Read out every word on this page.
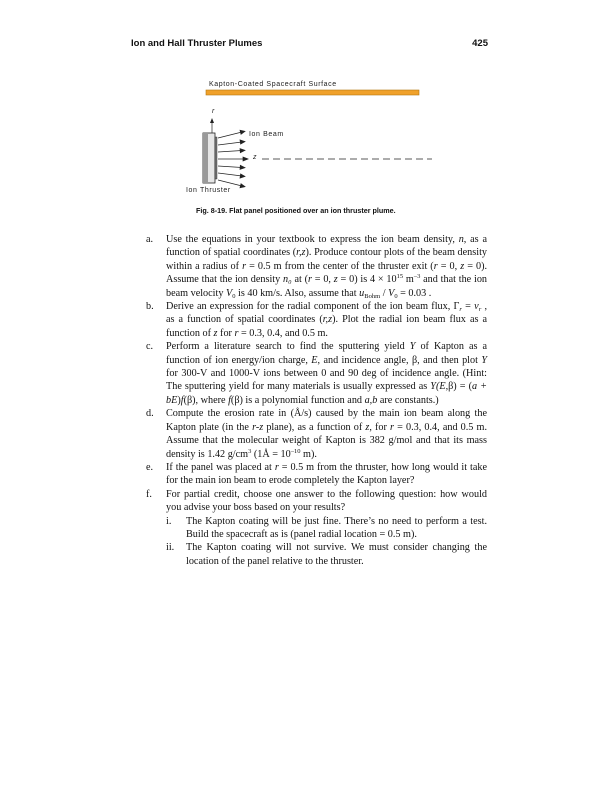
Ion and Hall Thruster Plumes	425
Kapton-Coated Spacecraft Surface
r
Ion Beam
z
Ion Thruster
Fig. 8-19. Flat panel positioned over an ion thruster plume.
a. Use the equations in your textbook to express the ion beam density, n, as a function of spatial coordinates (r,z). Produce contour plots of the beam density within a radius of r = 0.5 m from the center of the thruster exit (r = 0, z = 0). Assume that the ion density n₀ at (r = 0, z = 0) is $4 \times 10^{15}$ $m^{-3}$ and that the ion beam velocity $V_0$ is 40 km/s. Also, assume that $u_{Bohm} / V_0 = 0.03$ .

b. Derive an expression for the radial component of the ion beam flux, $\Gamma_r = v_r$ , as a function of spatial coordinates (r,z). Plot the radial ion beam flux as a function of z for r = 0.3, 0.4, and 0.5 m.

c. Perform a literature search to find the sputtering yield Y of Kapton as a function of ion energy/ion charge, E, and incidence angle, β, and then plot Y for 300-V and 1000-V ions between 0 and 90 deg of incidence angle. (Hint: The sputtering yield for many materials is usually expressed as Y(E,β) = (a + bE)f(β), where f(β) is a polynomial function and a,b are constants.)

d. Compute the erosion rate in (Å/s) caused by the main ion beam along the Kapton plate (in the r-z plane), as a function of z, for r = 0.3, 0.4, and 0.5 m. Assume that the molecular weight of Kapton is 382 g/mol and that its mass density is 1.42 $g/cm^3$ (1Å = $10^{-10}$ m).

e. If the panel was placed at r = 0.5 m from the thruster, how long would it take for the main ion beam to erode completely the Kapton layer?

f. For partial credit, choose one answer to the following question: how would you advise your boss based on your results?

i. The Kapton coating will be just fine. There’s no need to perform a test. Build the spacecraft as is (panel radial location = 0.5 m).

ii. The Kapton coating will not survive. We must consider changing the location of the panel relative to the thruster.
